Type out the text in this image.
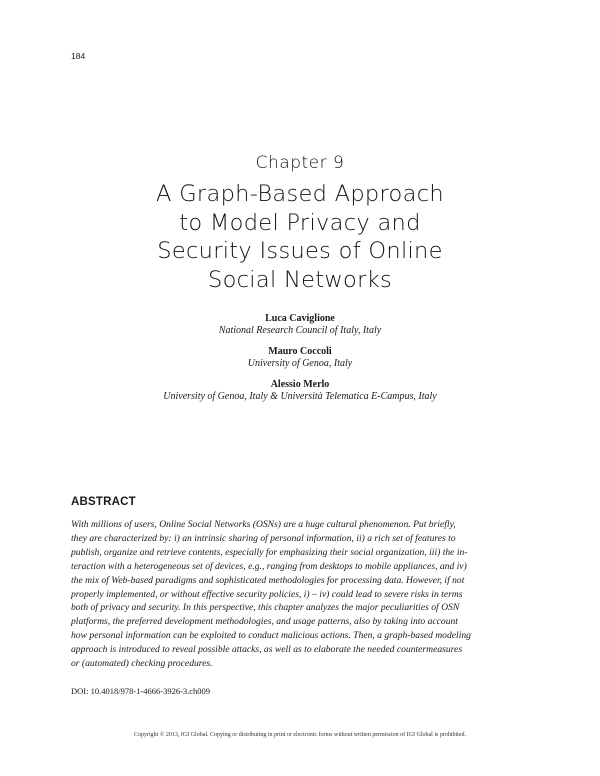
184
Chapter 9
A Graph-Based Approach
to Model Privacy and
Security Issues of Online
Social Networks
Luca Caviglione
National Research Council of Italy, Italy
Mauro Coccoli
University of Genoa, Italy
Alessio Merlo
University of Genoa, Italy & Università Telematica E-Campus, Italy
ABSTRACT
With millions of users, Online Social Networks (OSNs) are a huge cultural phenomenon. Put briefly,
they are characterized by: i) an intrinsic sharing of personal information, ii) a rich set of features to
publish, organize and retrieve contents, especially for emphasizing their social organization, iii) the in-
teraction with a heterogeneous set of devices, e.g., ranging from desktops to mobile appliances, and iv)
the mix of Web-based paradigms and sophisticated methodologies for processing data. However, if not
properly implemented, or without effective security policies, i) – iv) could lead to severe risks in terms
both of privacy and security. In this perspective, this chapter analyzes the major peculiarities of OSN
platforms, the preferred development methodologies, and usage patterns, also by taking into account
how personal information can be exploited to conduct malicious actions. Then, a graph-based modeling
approach is introduced to reveal possible attacks, as well as to elaborate the needed countermeasures
or (automated) checking procedures.
DOI: 10.4018/978-1-4666-3926-3.ch009
Copyright © 2013, IGI Global. Copying or distributing in print or electronic forms without written permission of IGI Global is prohibited.
